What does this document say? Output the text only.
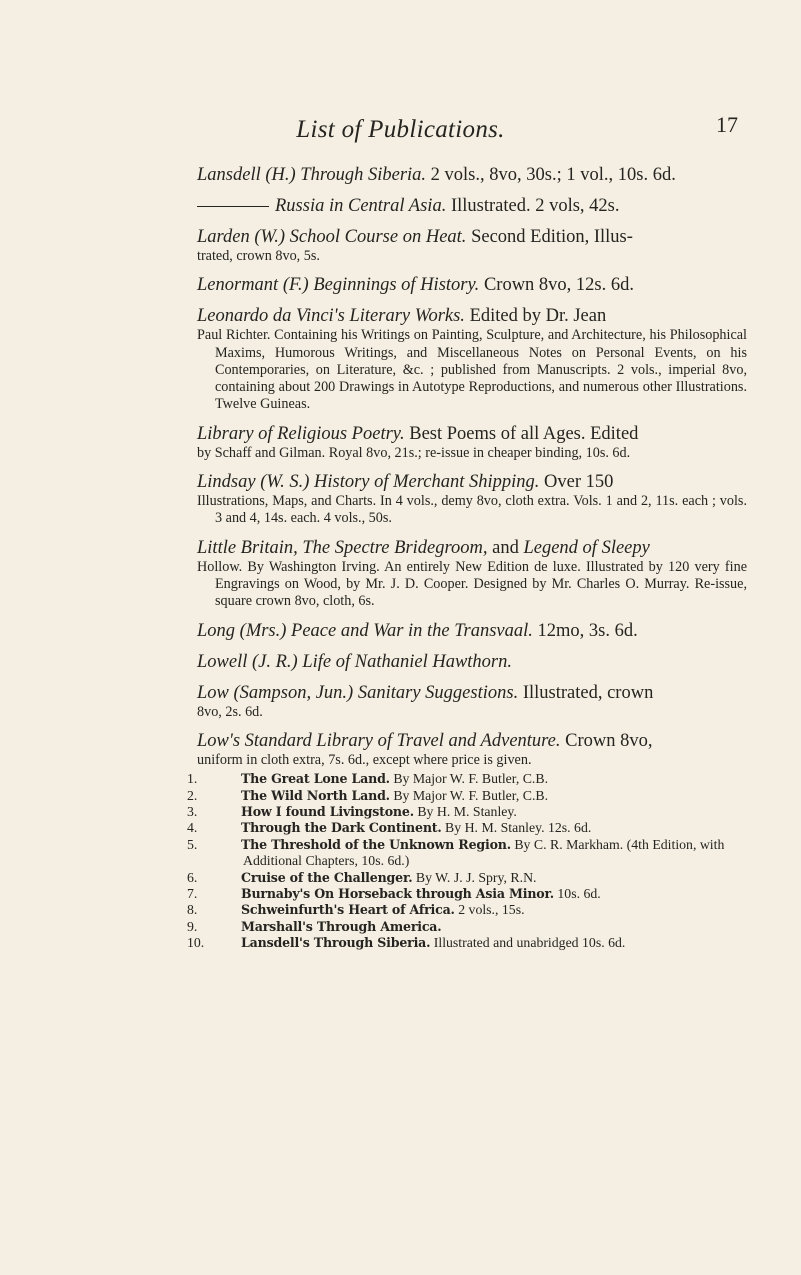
List of Publications.	17
Lansdell (H.) Through Siberia. 2 vols., 8vo, 30s.; 1 vol., 10s. 6d.
Russia in Central Asia. Illustrated. 2 vols, 42s.
Larden (W.) School Course on Heat. Second Edition, Illus-
trated, crown 8vo, 5s.
Lenormant (F.) Beginnings of History. Crown 8vo, 12s. 6d.
Leonardo da Vinci's Literary Works. Edited by Dr. Jean
Paul Richter. Containing his Writings on Painting, Sculpture, and Architecture, his Philosophical Maxims, Humorous Writings, and Miscellaneous Notes on Personal Events, on his Contemporaries, on Literature, &c. ; published from Manuscripts. 2 vols., imperial 8vo, containing about 200 Drawings in Autotype Reproductions, and numerous other Illustrations. Twelve Guineas.
Library of Religious Poetry. Best Poems of all Ages. Edited
by Schaff and Gilman. Royal 8vo, 21s.; re-issue in cheaper binding, 10s. 6d.
Lindsay (W. S.) History of Merchant Shipping. Over 150
Illustrations, Maps, and Charts. In 4 vols., demy 8vo, cloth extra. Vols. 1 and 2, 11s. each ; vols. 3 and 4, 14s. each. 4 vols., 50s.
Little Britain, The Spectre Bridegroom, and Legend of Sleepy
Hollow. By Washington Irving. An entirely New Edition de luxe. Illustrated by 120 very fine Engravings on Wood, by Mr. J. D. Cooper. Designed by Mr. Charles O. Murray. Re-issue, square crown 8vo, cloth, 6s.
Long (Mrs.) Peace and War in the Transvaal. 12mo, 3s. 6d.
Lowell (J. R.) Life of Nathaniel Hawthorn.
Low (Sampson, Jun.) Sanitary Suggestions. Illustrated, crown
8vo, 2s. 6d.
Low's Standard Library of Travel and Adventure. Crown 8vo,
uniform in cloth extra, 7s. 6d., except where price is given.
1.	The Great Lone Land. By Major W. F. Butler, C.B.
2.	The Wild North Land. By Major W. F. Butler, C.B.
3.	How I found Livingstone. By H. M. Stanley.
4.	Through the Dark Continent. By H. M. Stanley. 12s. 6d.
5.	The Threshold of the Unknown Region. By C. R. Markham. (4th Edition, with Additional Chapters, 10s. 6d.)
6.	Cruise of the Challenger. By W. J. J. Spry, R.N.
7.	Burnaby's On Horseback through Asia Minor. 10s. 6d.
8.	Schweinfurth's Heart of Africa. 2 vols., 15s.
9.	Marshall's Through America.
10.	Lansdell's Through Siberia. Illustrated and unabridged 10s. 6d.
